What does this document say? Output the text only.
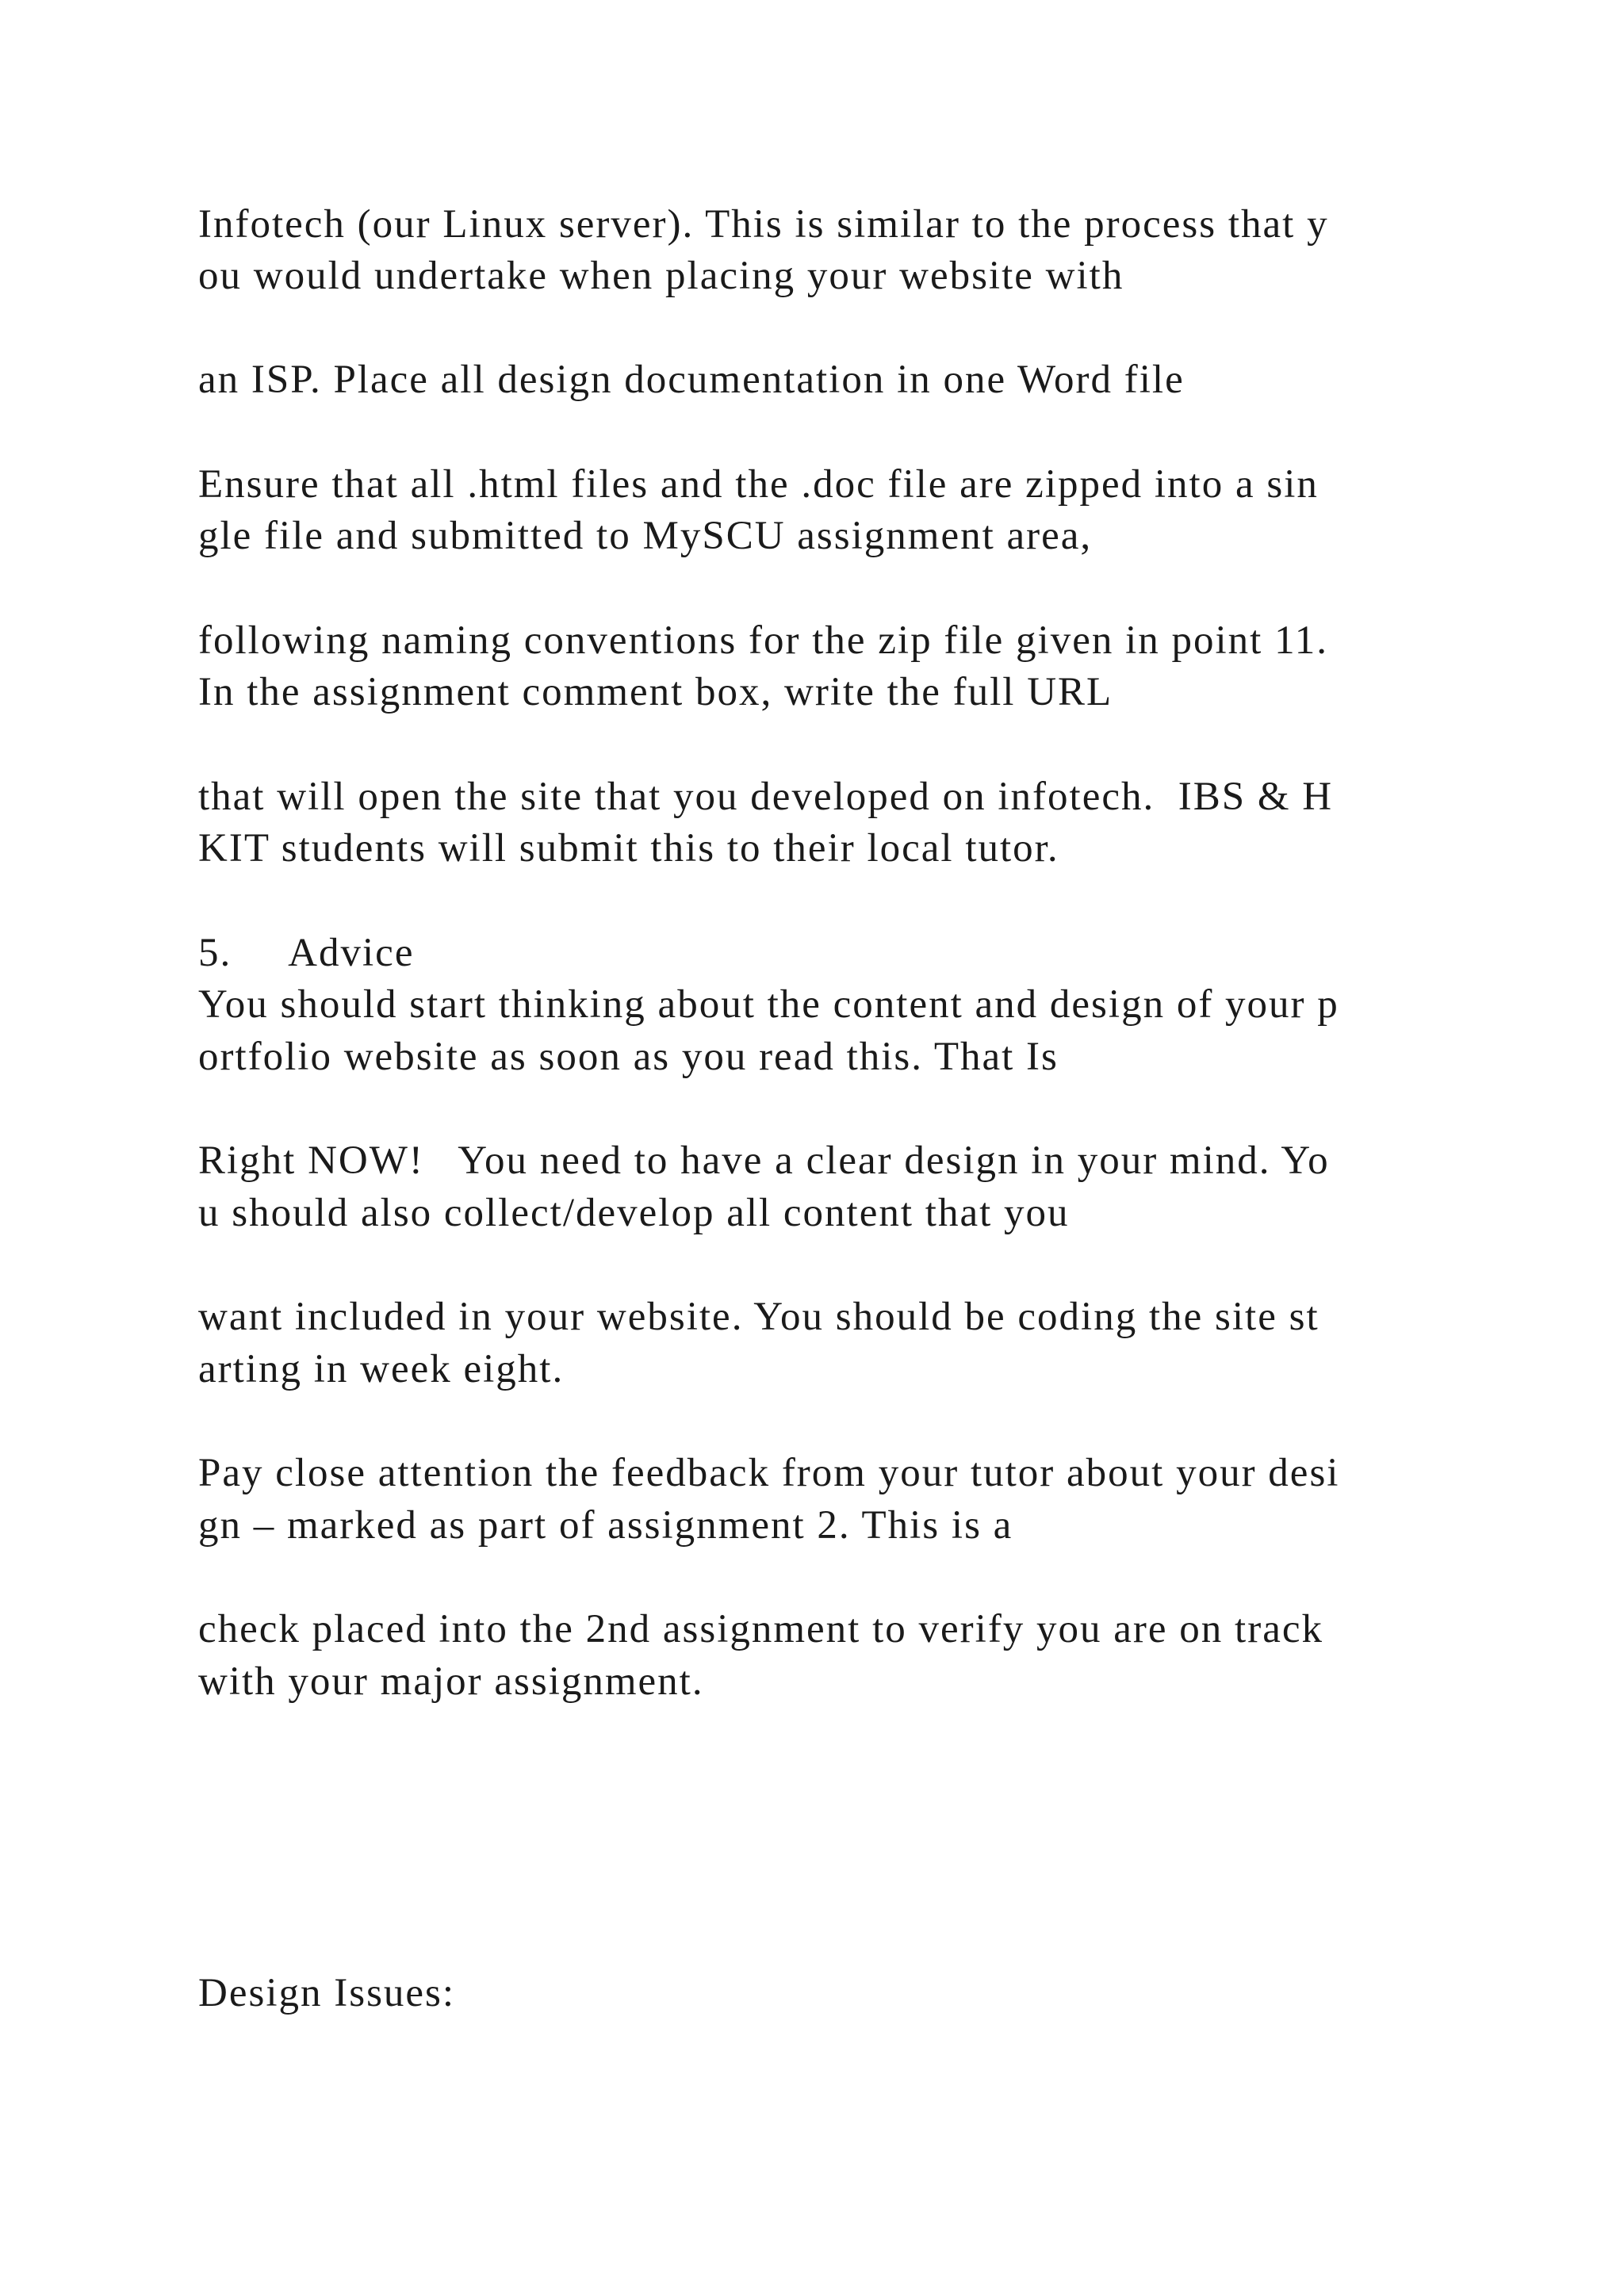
Infotech (our Linux server). This is similar to the process that y

ou would undertake when placing your website with

an ISP. Place all design documentation in one Word file

Ensure that all .html files and the .doc file are zipped into a sin

gle file and submitted to MySCU assignment area,

following naming conventions for the zip file given in point 11.

In the assignment comment box, write the full URL

that will open the site that you developed on infotech.  IBS & H

KIT students will submit this to their local tutor.

5.     Advice

You should start thinking about the content and design of your p

ortfolio website as soon as you read this. That Is

Right NOW!   You need to have a clear design in your mind. Yo

u should also collect/develop all content that you

want included in your website. You should be coding the site st

arting in week eight.

Pay close attention the feedback from your tutor about your desi

gn – marked as part of assignment 2. This is a

check placed into the 2nd assignment to verify you are on track

with your major assignment.

Design Issues:
